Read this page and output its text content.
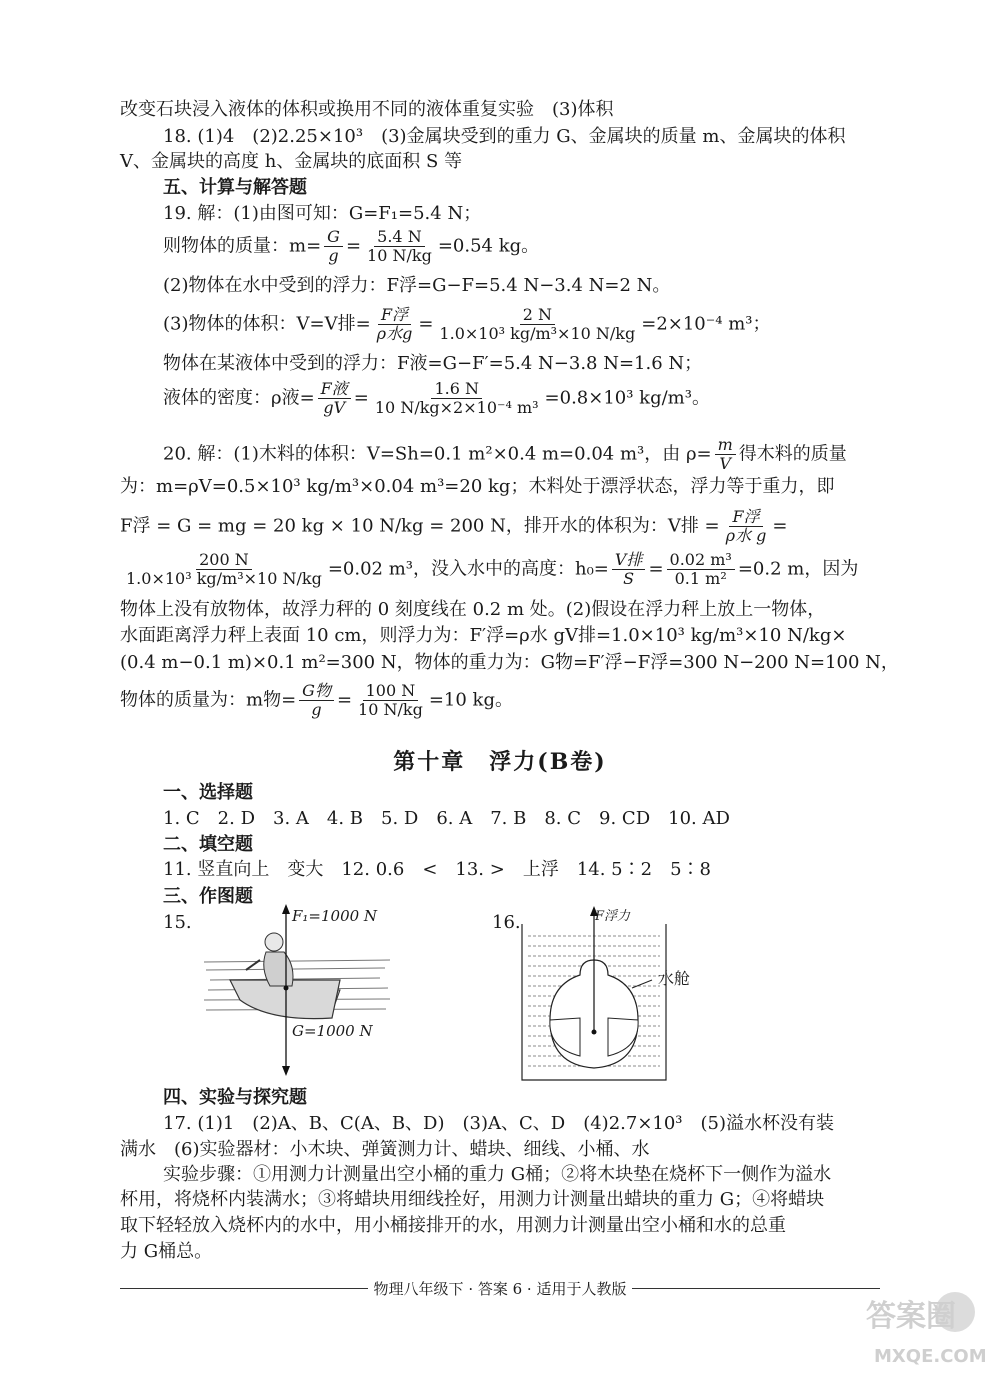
改变石块浸入液体的体积或换用不同的液体重复实验　(3)体积
18. (1)4　(2)2.25×10³　(3)金属块受到的重力 G、金属块的质量 m、金属块的体积
V、金属块的高度 h、金属块的底面积 S 等
五、计算与解答题
19. 解：(1)由图可知：G=F₁=5.4 N；
则物体的质量：$m= \frac{G}{g} = \frac{5.4 N}{10 N/kg} =0.54$ kg。
(2)物体在水中受到的浮力：F浮=G−F=5.4 N−3.4 N=2 N。
(3)物体的体积：V=V排= $\frac{\text{F浮}}{\text{ρ水g}} = \frac{2 N}{\text{1.0×10³ kg/m³×10 N/kg}} =2\times 10^{-4}$ m³；
物体在某液体中受到的浮力：F液=G−F′=5.4 N−3.8 N=1.6 N；
液体的密度：ρ液= $\frac{\text{F液}}{gV} = \frac{1.6 N}{\text{10 N/kg×2×10⁻⁴ m³}} =0.8\times 10^3$ kg/m³。
20. 解：(1)木料的体积：V=Sh=0.1 m²×0.4 m=0.04 m³，由 $\rho= \frac{m}{V}$ 得木料的质量
为：m=ρV=0.5×10³ kg/m³×0.04 m³=20 kg；木料处于漂浮状态，浮力等于重力，即
F浮 = G = mg = 20 kg × 10 N/kg = 200 N，排开水的体积为：V排 = $\frac{\text{F浮}}{\text{ρ水 g}}$ =
$\frac{200 N}{\text{1.0×10³ kg/m³×10 N/kg}} =0.02$ m³，没入水中的高度：$h_0= \frac{\text{V排}}{S} = \frac{\text{0.02 m³}}{\text{0.1 m²}} =0.2$ m，因为
物体上没有放物体，故浮力秤的 0 刻度线在 0.2 m 处。(2)假设在浮力秤上放上一物体，
水面距离浮力秤上表面 10 cm，则浮力为：F′浮=ρ水 gV排=1.0×10³ kg/m³×10 N/kg×
(0.4 m−0.1 m)×0.1 m²=300 N，物体的重力为：G物=F′浮−F浮=300 N−200 N=100 N，
物体的质量为：m物= $\frac{\text{G物}}{g} = \frac{100 N}{10 N/kg} =10$ kg。
第十章　浮力(B卷)
一、选择题
1. C　2. D　3. A　4. B　5. D　6. A　7. B　8. C　9. CD　10. AD
二、填空题
11. 竖直向上　变大　12. 0.6　<　13. >　上浮　14. 5∶2　5∶8
三、作图题
15.	16.
F₁=1000 N
G=1000 N
F浮力
水舱
四、实验与探究题
17. (1)1　(2)A、B、C(A、B、D)　(3)A、C、D　(4)2.7×10³　(5)溢水杯没有装
满水　(6)实验器材：小木块、弹簧测力计、蜡块、细线、小桶、水
实验步骤：①用测力计测量出空小桶的重力 G桶；②将木块垫在烧杯下一侧作为溢水
杯用，将烧杯内装满水；③将蜡块用细线拴好，用测力计测量出蜡块的重力 G；④将蜡块
取下轻轻放入烧杯内的水中，用小桶接排开的水，用测力计测量出空小桶和水的总重
力 G桶总。
物理八年级下 · 答案 6 · 适用于人教版
答案圈
MXQE.COM
